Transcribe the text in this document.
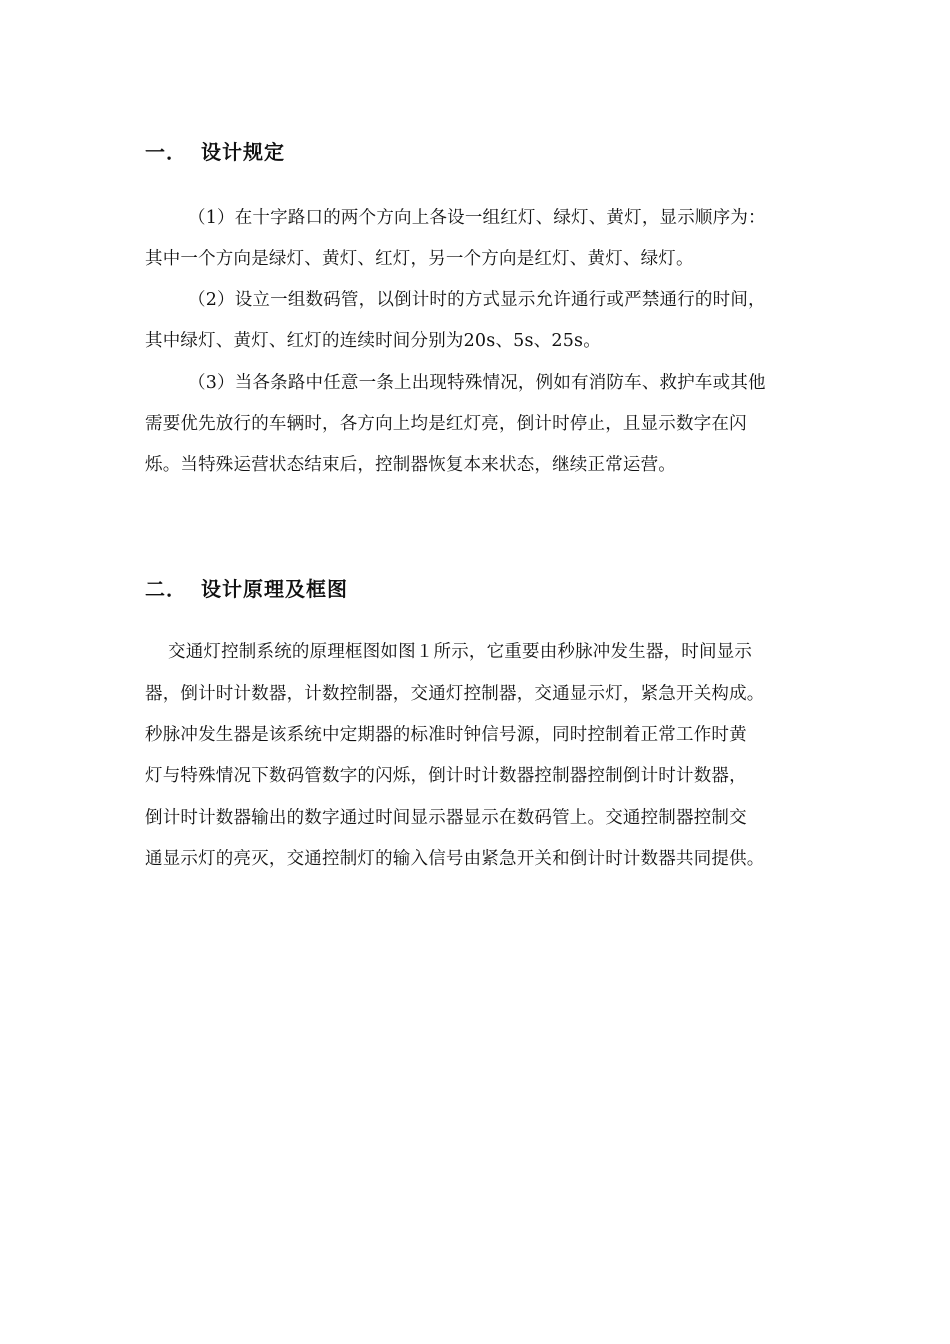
一． 设计规定
（1）在十字路口的两个方向上各设一组红灯、绿灯、黄灯，显示顺序为：
其中一个方向是绿灯、黄灯、红灯，另一个方向是红灯、黄灯、绿灯。
（2）设立一组数码管，以倒计时的方式显示允许通行或严禁通行的时间，
其中绿灯、黄灯、红灯的连续时间分别为20s、5s、25s。
（3）当各条路中任意一条上出现特殊情况，例如有消防车、救护车或其他
需要优先放行的车辆时，各方向上均是红灯亮，倒计时停止，且显示数字在闪
烁。当特殊运营状态结束后，控制器恢复本来状态，继续正常运营。
二． 设计原理及框图
交通灯控制系统的原理框图如图１所示，它重要由秒脉冲发生器，时间显示
器，倒计时计数器，计数控制器，交通灯控制器，交通显示灯，紧急开关构成。
秒脉冲发生器是该系统中定期器的标准时钟信号源，同时控制着正常工作时黄
灯与特殊情况下数码管数字的闪烁，倒计时计数器控制器控制倒计时计数器，
倒计时计数器输出的数字通过时间显示器显示在数码管上。交通控制器控制交
通显示灯的亮灭，交通控制灯的输入信号由紧急开关和倒计时计数器共同提供。
